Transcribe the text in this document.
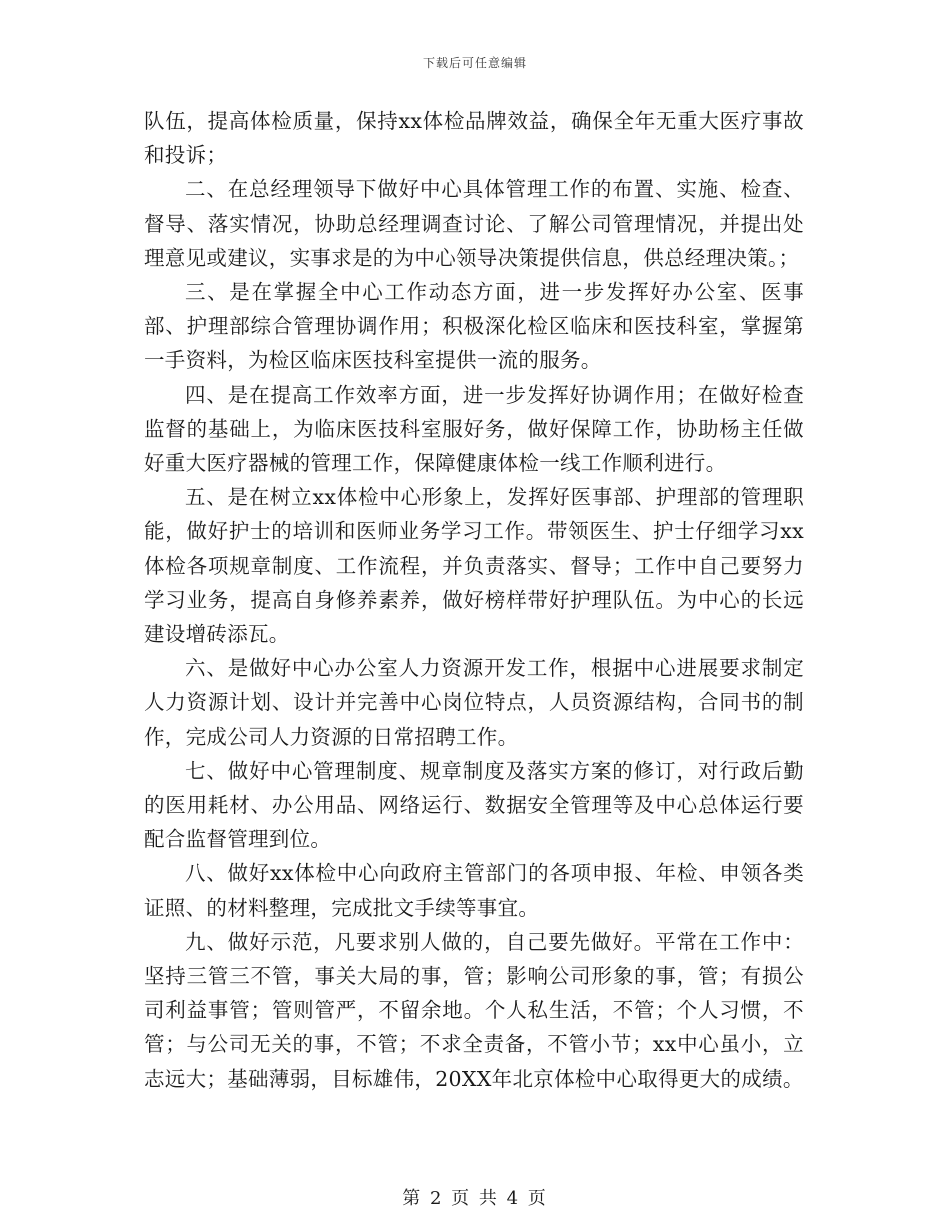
下载后可任意编辑

队伍，提高体检质量，保持xx体检品牌效益，确保全年无重大医疗事故和投诉；

二、在总经理领导下做好中心具体管理工作的布置、实施、检查、督导、落实情况，协助总经理调查讨论、了解公司管理情况，并提出处理意见或建议，实事求是的为中心领导决策提供信息，供总经理决策。；

三、是在掌握全中心工作动态方面，进一步发挥好办公室、医事部、护理部综合管理协调作用；积极深化检区临床和医技科室，掌握第一手资料，为检区临床医技科室提供一流的服务。

四、是在提高工作效率方面，进一步发挥好协调作用；在做好检查监督的基础上，为临床医技科室服好务，做好保障工作，协助杨主任做好重大医疗器械的管理工作，保障健康体检一线工作顺利进行。

五、是在树立xx体检中心形象上，发挥好医事部、护理部的管理职能，做好护士的培训和医师业务学习工作。带领医生、护士仔细学习xx体检各项规章制度、工作流程，并负责落实、督导；工作中自己要努力学习业务，提高自身修养素养，做好榜样带好护理队伍。为中心的长远建设增砖添瓦。

六、是做好中心办公室人力资源开发工作，根据中心进展要求制定人力资源计划、设计并完善中心岗位特点，人员资源结构，合同书的制作，完成公司人力资源的日常招聘工作。

七、做好中心管理制度、规章制度及落实方案的修订，对行政后勤的医用耗材、办公用品、网络运行、数据安全管理等及中心总体运行要配合监督管理到位。

八、做好xx体检中心向政府主管部门的各项申报、年检、申领各类证照、的材料整理，完成批文手续等事宜。

九、做好示范，凡要求别人做的，自己要先做好。平常在工作中：坚持三管三不管，事关大局的事，管；影响公司形象的事，管；有损公司利益事管；管则管严，不留余地。个人私生活，不管；个人习惯，不管；与公司无关的事，不管；不求全责备，不管小节；xx中心虽小，立志远大；基础薄弱，目标雄伟，20XX年北京体检中心取得更大的成绩。

第 2 页 共 4 页
